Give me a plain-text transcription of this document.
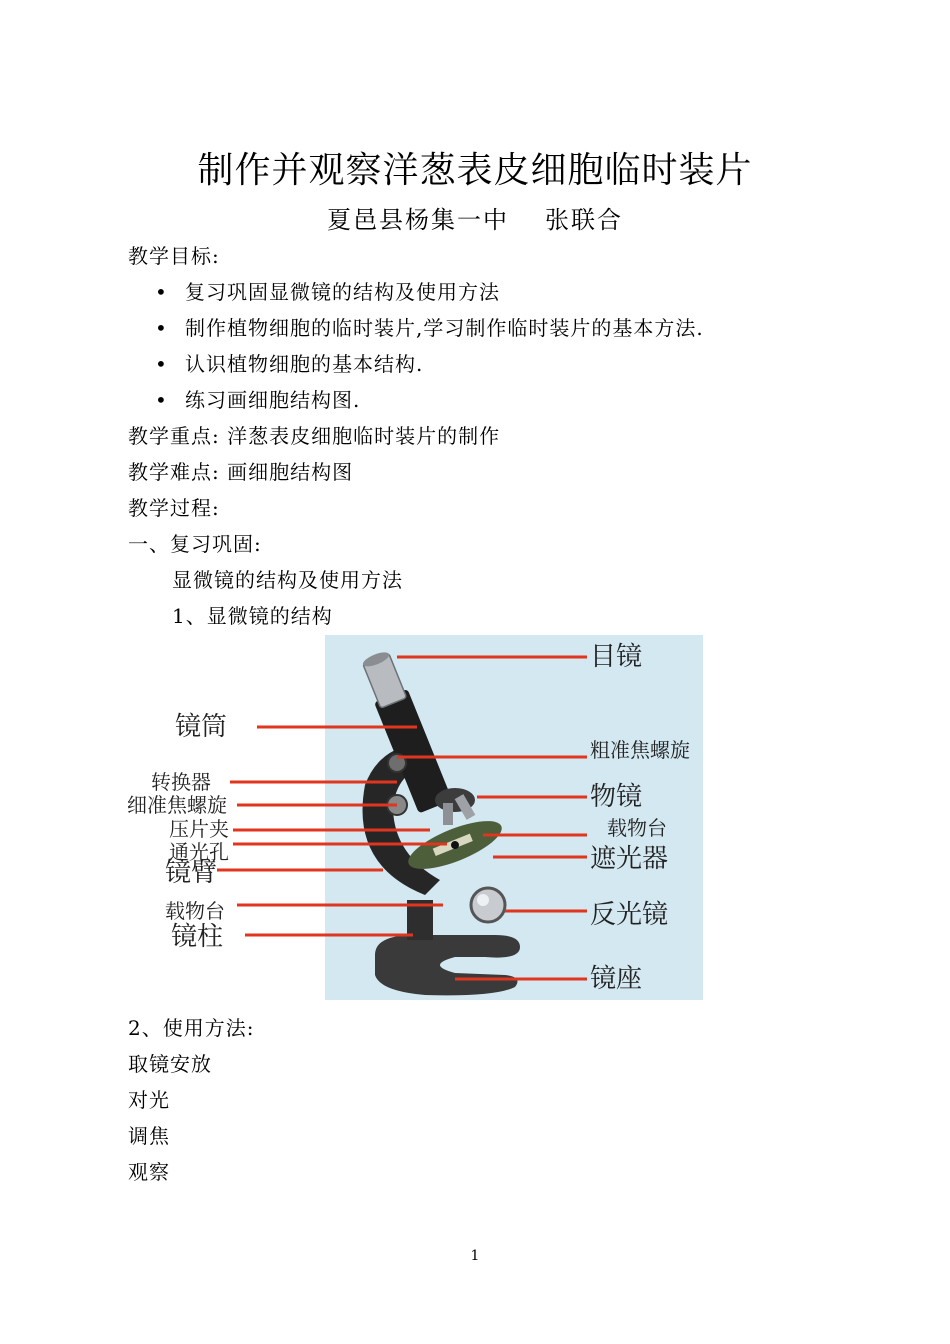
制作并观察洋葱表皮细胞临时装片
夏邑县杨集一中 张联合
教学目标:
• 复习巩固显微镜的结构及使用方法
• 制作植物细胞的临时装片,学习制作临时装片的基本方法.
• 认识植物细胞的基本结构.
• 练习画细胞结构图.
教学重点: 洋葱表皮细胞临时装片的制作
教学难点: 画细胞结构图
教学过程:
一、复习巩固:
显微镜的结构及使用方法
1、显微镜的结构
镜筒
转换器
细准焦螺旋
压片夹
通光孔
镜臂
载物台
镜柱
目镜
粗准焦螺旋
物镜
载物台
遮光器
反光镜
镜座
2、使用方法:
取镜安放
对光
调焦
观察
1
